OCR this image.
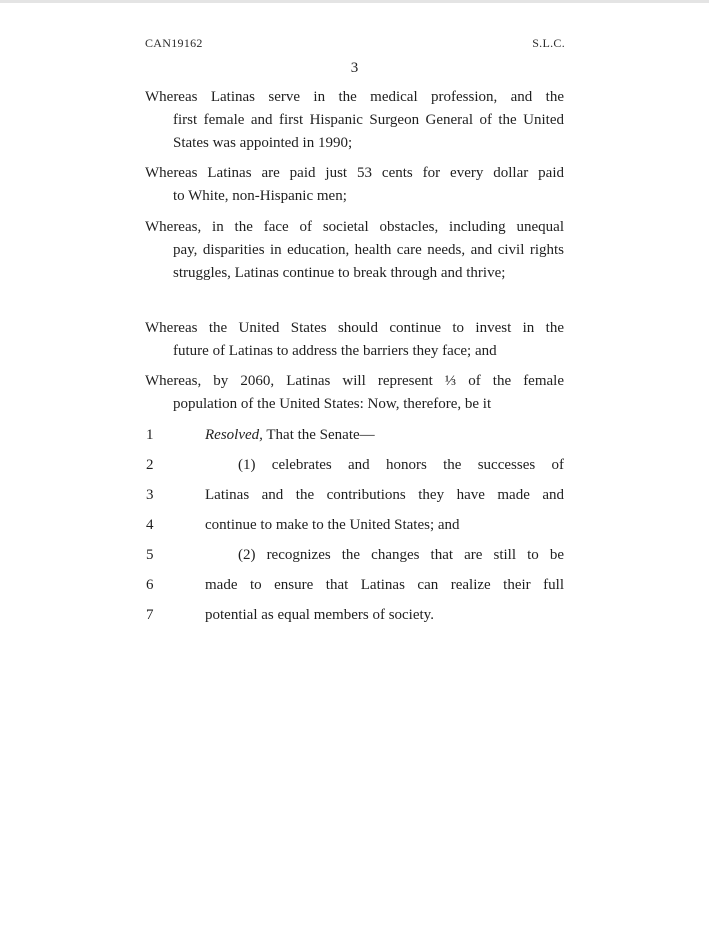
CAN19162	S.L.C.
3
Whereas Latinas serve in the medical profession, and the
first female and first Hispanic Surgeon General of the United States was appointed in 1990;
Whereas Latinas are paid just 53 cents for every dollar paid
to White, non-Hispanic men;
Whereas, in the face of societal obstacles, including unequal
pay, disparities in education, health care needs, and civil rights struggles, Latinas continue to break through and thrive;
Whereas the United States should continue to invest in the
future of Latinas to address the barriers they face; and
Whereas, by 2060, Latinas will represent ⅓ of the female
population of the United States: Now, therefore, be it
1	Resolved, That the Senate—
2	(1) celebrates and honors the successes of
3	Latinas and the contributions they have made and
4	continue to make to the United States; and
5	(2) recognizes the changes that are still to be
6	made to ensure that Latinas can realize their full
7	potential as equal members of society.
